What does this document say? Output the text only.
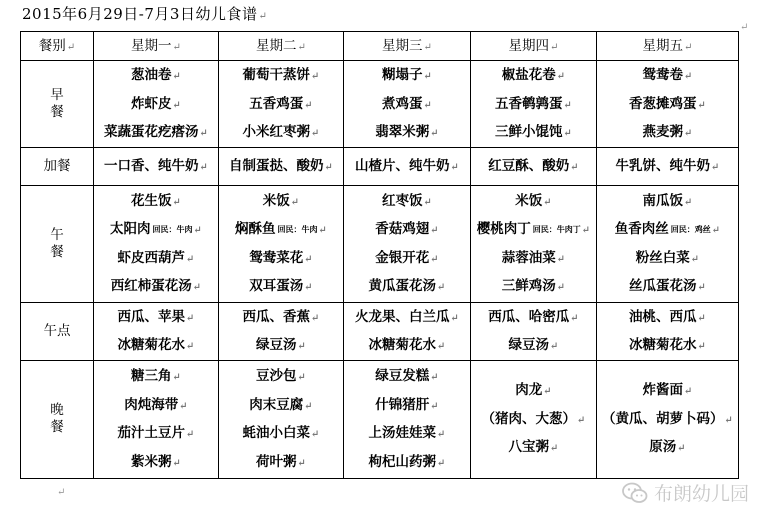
2015年6月29日-7月3日幼儿食谱↵
餐别↵	星期一↵	星期二↵	星期三↵	星期四↵	星期五↵

早
餐	葱油卷↵
炸虾皮↵
菜蔬蛋花疙瘩汤↵	葡萄干蒸饼↵
五香鸡蛋↵
小米红枣粥↵	糊塌子↵
煮鸡蛋↵
翡翠米粥↵	椒盐花卷↵
五香鹌鹑蛋↵
三鲜小馄饨↵	鸳鸯卷↵
香葱摊鸡蛋↵
燕麦粥↵

加餐	一口香、纯牛奶↵	自制蛋挞、酸奶↵	山楂片、纯牛奶↵	红豆酥、酸奶↵	牛乳饼、纯牛奶↵

午
餐	花生饭↵
太阳肉 回民：牛肉↵
虾皮西葫芦↵
西红柿蛋花汤↵	米饭↵
焖酥鱼 回民：牛肉↵
鸳鸯菜花↵
双耳蛋汤↵	红枣饭↵
香菇鸡翅↵
金银开花↵
黄瓜蛋花汤↵	米饭↵
樱桃肉丁 回民：牛肉丁↵
蒜蓉油菜↵
三鲜鸡汤↵	南瓜饭↵
鱼香肉丝 回民：鸡丝↵
粉丝白菜↵
丝瓜蛋花汤↵

午点	西瓜、苹果↵
冰糖菊花水↵	西瓜、香蕉↵
绿豆汤↵	火龙果、白兰瓜↵
冰糖菊花水↵	西瓜、哈密瓜↵
绿豆汤↵	油桃、西瓜↵
冰糖菊花水↵

晚
餐	糖三角↵
肉炖海带↵
茄汁土豆片↵
紫米粥↵	豆沙包↵
肉末豆腐↵
蚝油小白菜↵
荷叶粥↵	绿豆发糕↵
什锦猪肝↵
上汤娃娃菜↵
枸杞山药粥↵	肉龙↵
（猪肉、大葱）↵
八宝粥↵	炸酱面↵
（黄瓜、胡萝卜码）↵
原汤↵
↵
↵	布朗幼儿园
